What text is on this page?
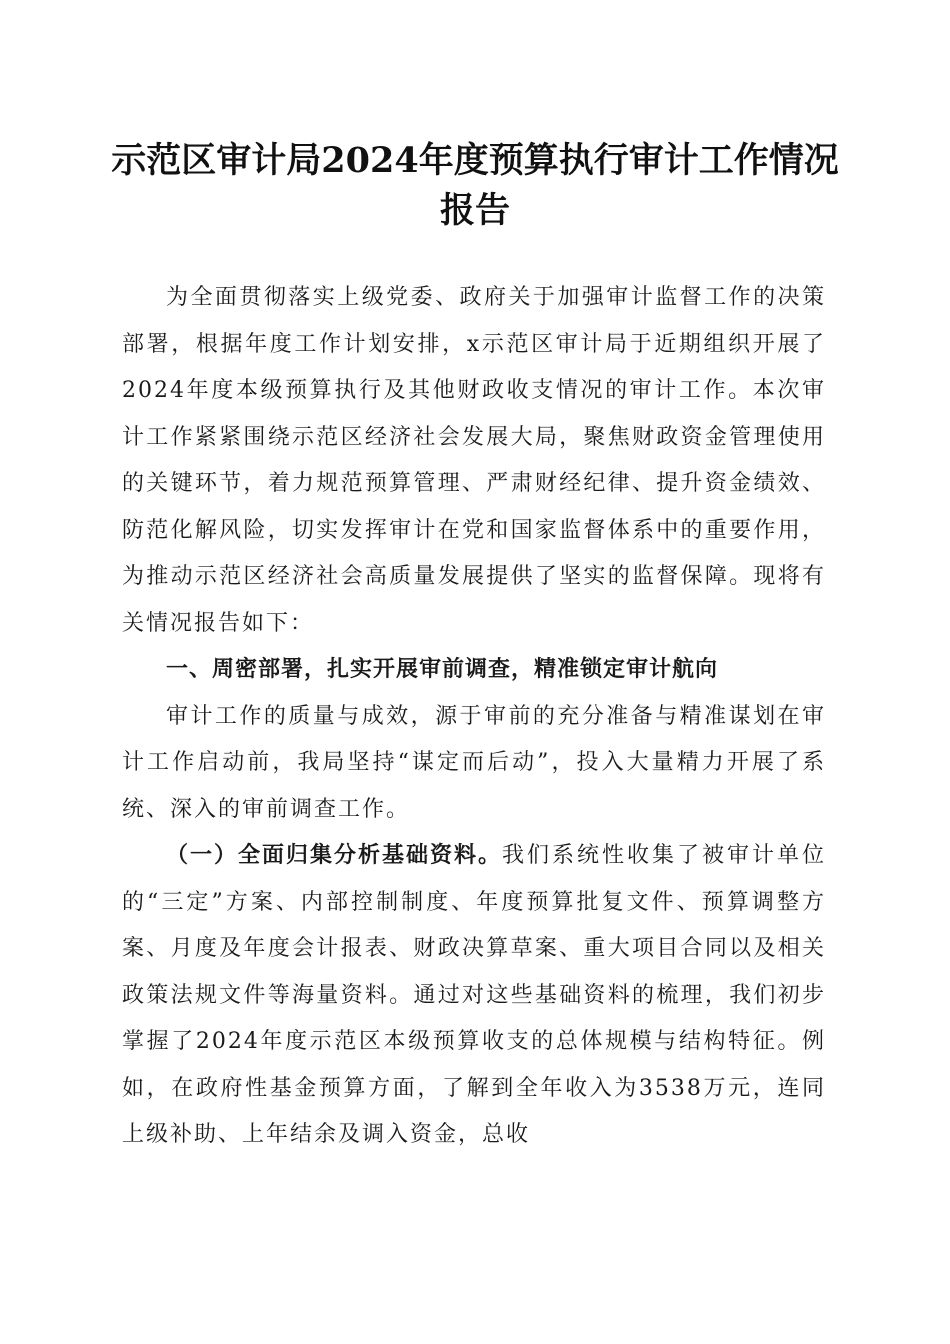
示范区审计局2024年度预算执行审计工作情况报告

为全面贯彻落实上级党委、政府关于加强审计监督工作的决策部署，根据年度工作计划安排，x示范区审计局于近期组织开展了2024年度本级预算执行及其他财政收支情况的审计工作。本次审计工作紧紧围绕示范区经济社会发展大局，聚焦财政资金管理使用的关键环节，着力规范预算管理、严肃财经纪律、提升资金绩效、防范化解风险，切实发挥审计在党和国家监督体系中的重要作用，为推动示范区经济社会高质量发展提供了坚实的监督保障。现将有关情况报告如下：

一、周密部署，扎实开展审前调查，精准锁定审计航向

审计工作的质量与成效，源于审前的充分准备与精准谋划在审计工作启动前，我局坚持“谋定而后动”，投入大量精力开展了系统、深入的审前调查工作。

（一）全面归集分析基础资料。我们系统性收集了被审计单位的“三定”方案、内部控制制度、年度预算批复文件、预算调整方案、月度及年度会计报表、财政决算草案、重大项目合同以及相关政策法规文件等海量资料。通过对这些基础资料的梳理，我们初步掌握了2024年度示范区本级预算收支的总体规模与结构特征。例如，在政府性基金预算方面，了解到全年收入为3538万元，连同上级补助、上年结余及调入资金，总收
